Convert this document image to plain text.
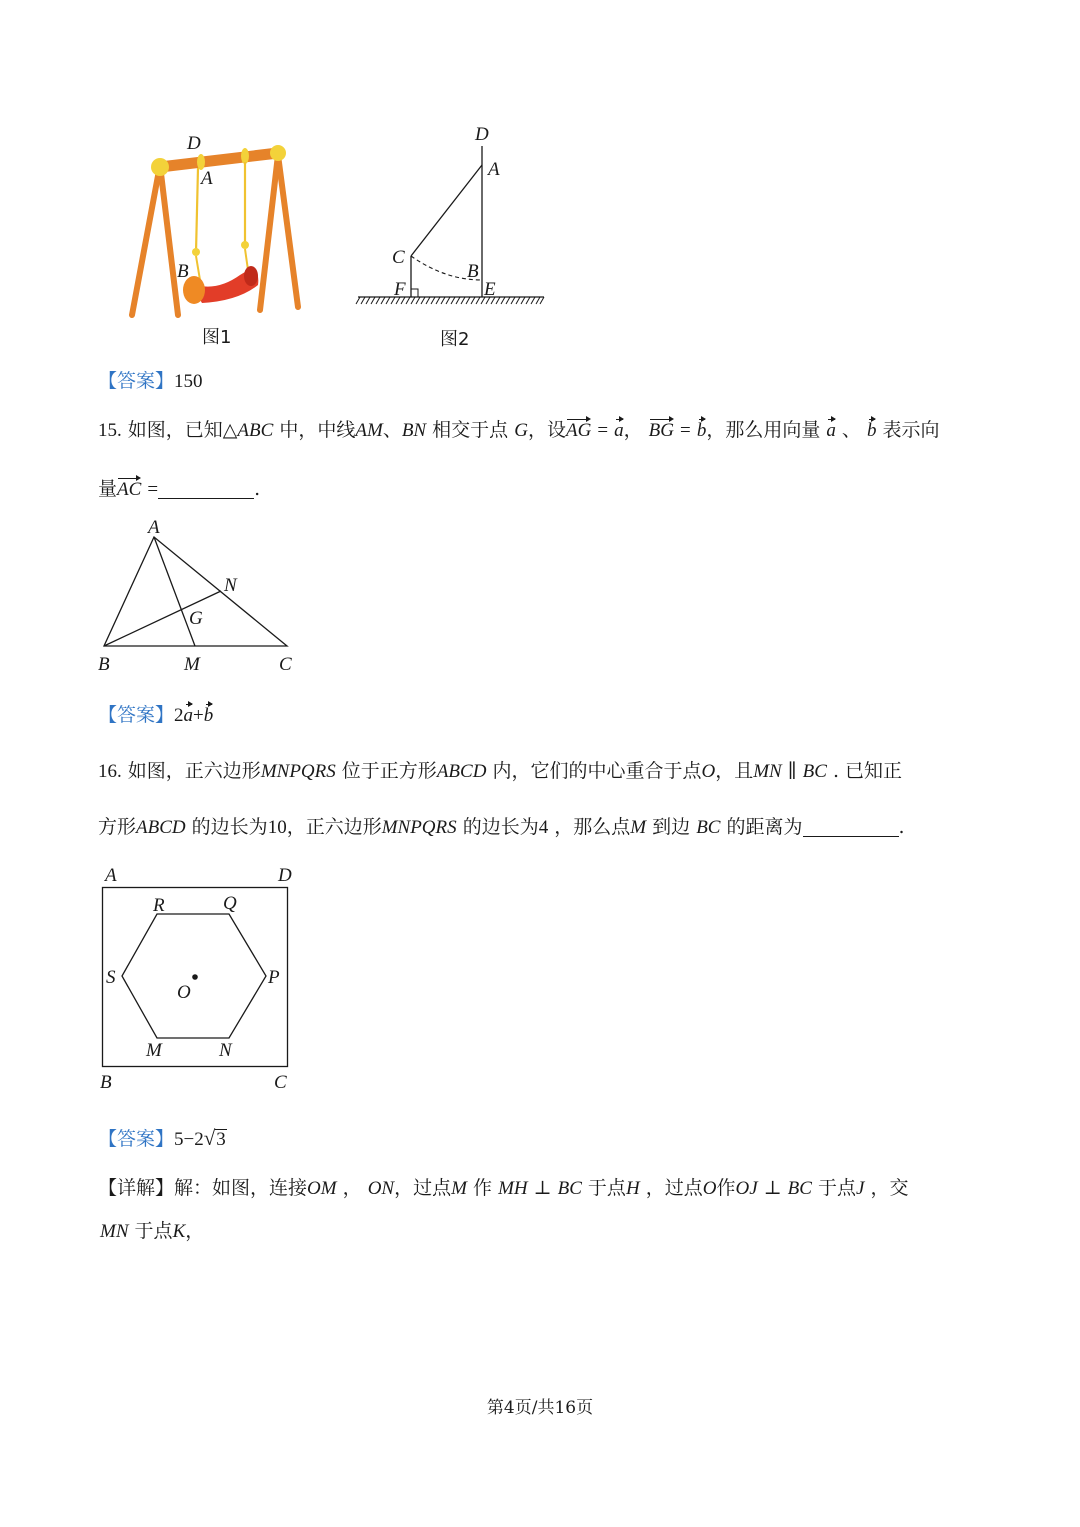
D
A
B
图1
D
A
C
B
F	E
图2
【答案】150
15. 如图，已知△ABC 中，中线AM、BN 相交于点 G，设AG = a， BG = b，那么用向量 a 、 b 表示向
量AC =	.
A
N
G
B	M	C
【答案】2a+b
16. 如图，正六边形MNPQRS 位于正方形ABCD 内，它们的中心重合于点O，且MN ∥ BC . 已知正
方形ABCD 的边长为10，正六边形MNPQRS 的边长为4 ，那么点M 到边 BC 的距离为	.
A	D
R	Q
S	P
O
M	N
B	C
【答案】5−2√3
【详解】解：如图，连接OM ， ON，过点M 作 MH ⊥ BC 于点H ，过点O作OJ ⊥ BC 于点J ，交
MN 于点K，
第4页/共16页
